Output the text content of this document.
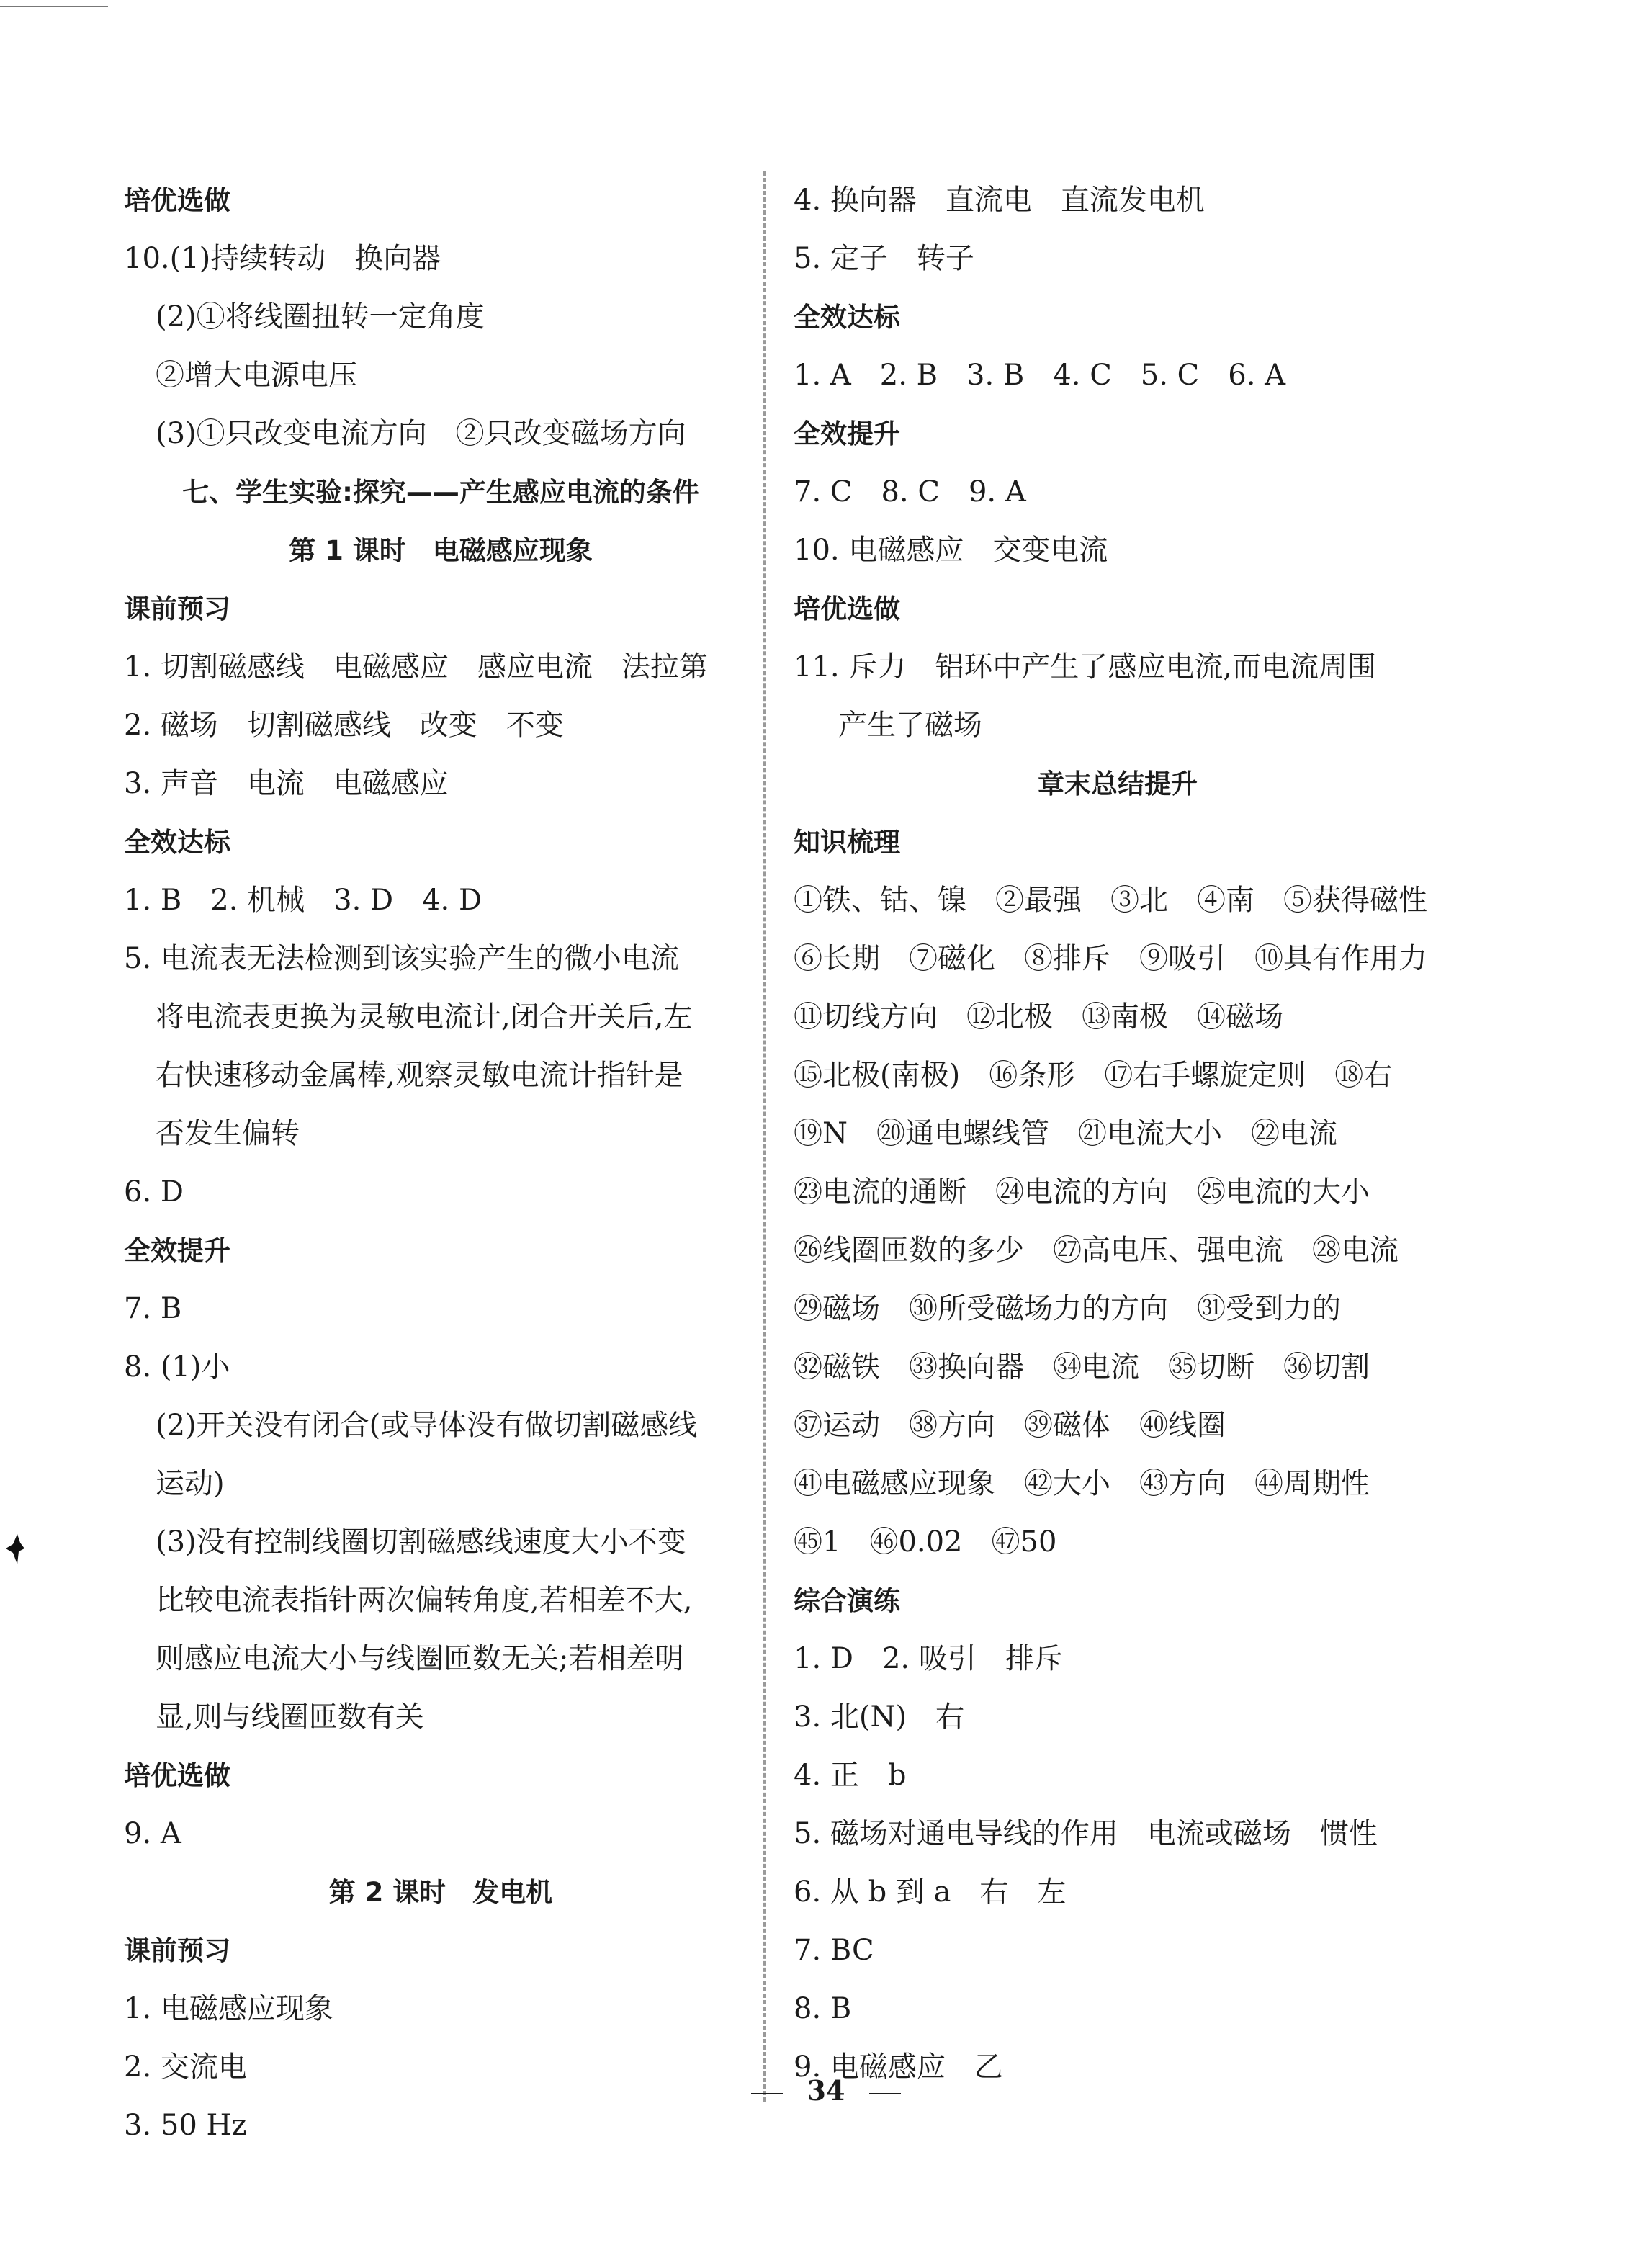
培优选做
10.(1)持续转动　换向器
(2)①将线圈扭转一定角度
②增大电源电压
(3)①只改变电流方向　②只改变磁场方向
七、学生实验:探究——产生感应电流的条件
第 1 课时　电磁感应现象
课前预习
1. 切割磁感线　电磁感应　感应电流　法拉第
2. 磁场　切割磁感线　改变　不变
3. 声音　电流　电磁感应
全效达标
1. B　2. 机械　3. D　4. D
5. 电流表无法检测到该实验产生的微小电流
将电流表更换为灵敏电流计,闭合开关后,左
右快速移动金属棒,观察灵敏电流计指针是
否发生偏转
6. D
全效提升
7. B
8. (1)小
(2)开关没有闭合(或导体没有做切割磁感线
运动)
(3)没有控制线圈切割磁感线速度大小不变
比较电流表指针两次偏转角度,若相差不大,
则感应电流大小与线圈匝数无关;若相差明
显,则与线圈匝数有关
培优选做
9. A
第 2 课时　发电机
课前预习
1. 电磁感应现象
2. 交流电
3. 50 Hz
4. 换向器　直流电　直流发电机
5. 定子　转子
全效达标
1. A　2. B　3. B　4. C　5. C　6. A
全效提升
7. C　8. C　9. A
10. 电磁感应　交变电流
培优选做
11. 斥力　铝环中产生了感应电流,而电流周围
产生了磁场
章末总结提升
知识梳理
①铁、钴、镍　②最强　③北　④南　⑤获得磁性
⑥长期　⑦磁化　⑧排斥　⑨吸引　⑩具有作用力
⑪切线方向　⑫北极　⑬南极　⑭磁场
⑮北极(南极)　⑯条形　⑰右手螺旋定则　⑱右
⑲N　⑳通电螺线管　㉑电流大小　㉒电流
㉓电流的通断　㉔电流的方向　㉕电流的大小
㉖线圈匝数的多少　㉗高电压、强电流　㉘电流
㉙磁场　㉚所受磁场力的方向　㉛受到力的
㉜磁铁　㉝换向器　㉞电流　㉟切断　㊱切割
㊲运动　㊳方向　㊴磁体　㊵线圈
㊶电磁感应现象　㊷大小　㊸方向　㊹周期性
㊺1　㊻0.02　㊼50
综合演练
1. D　2. 吸引　排斥
3. 北(N)　右
4. 正　b
5. 磁场对通电导线的作用　电流或磁场　惯性
6. 从 b 到 a　右　左
7. BC
8. B
9. 电磁感应　乙
34
